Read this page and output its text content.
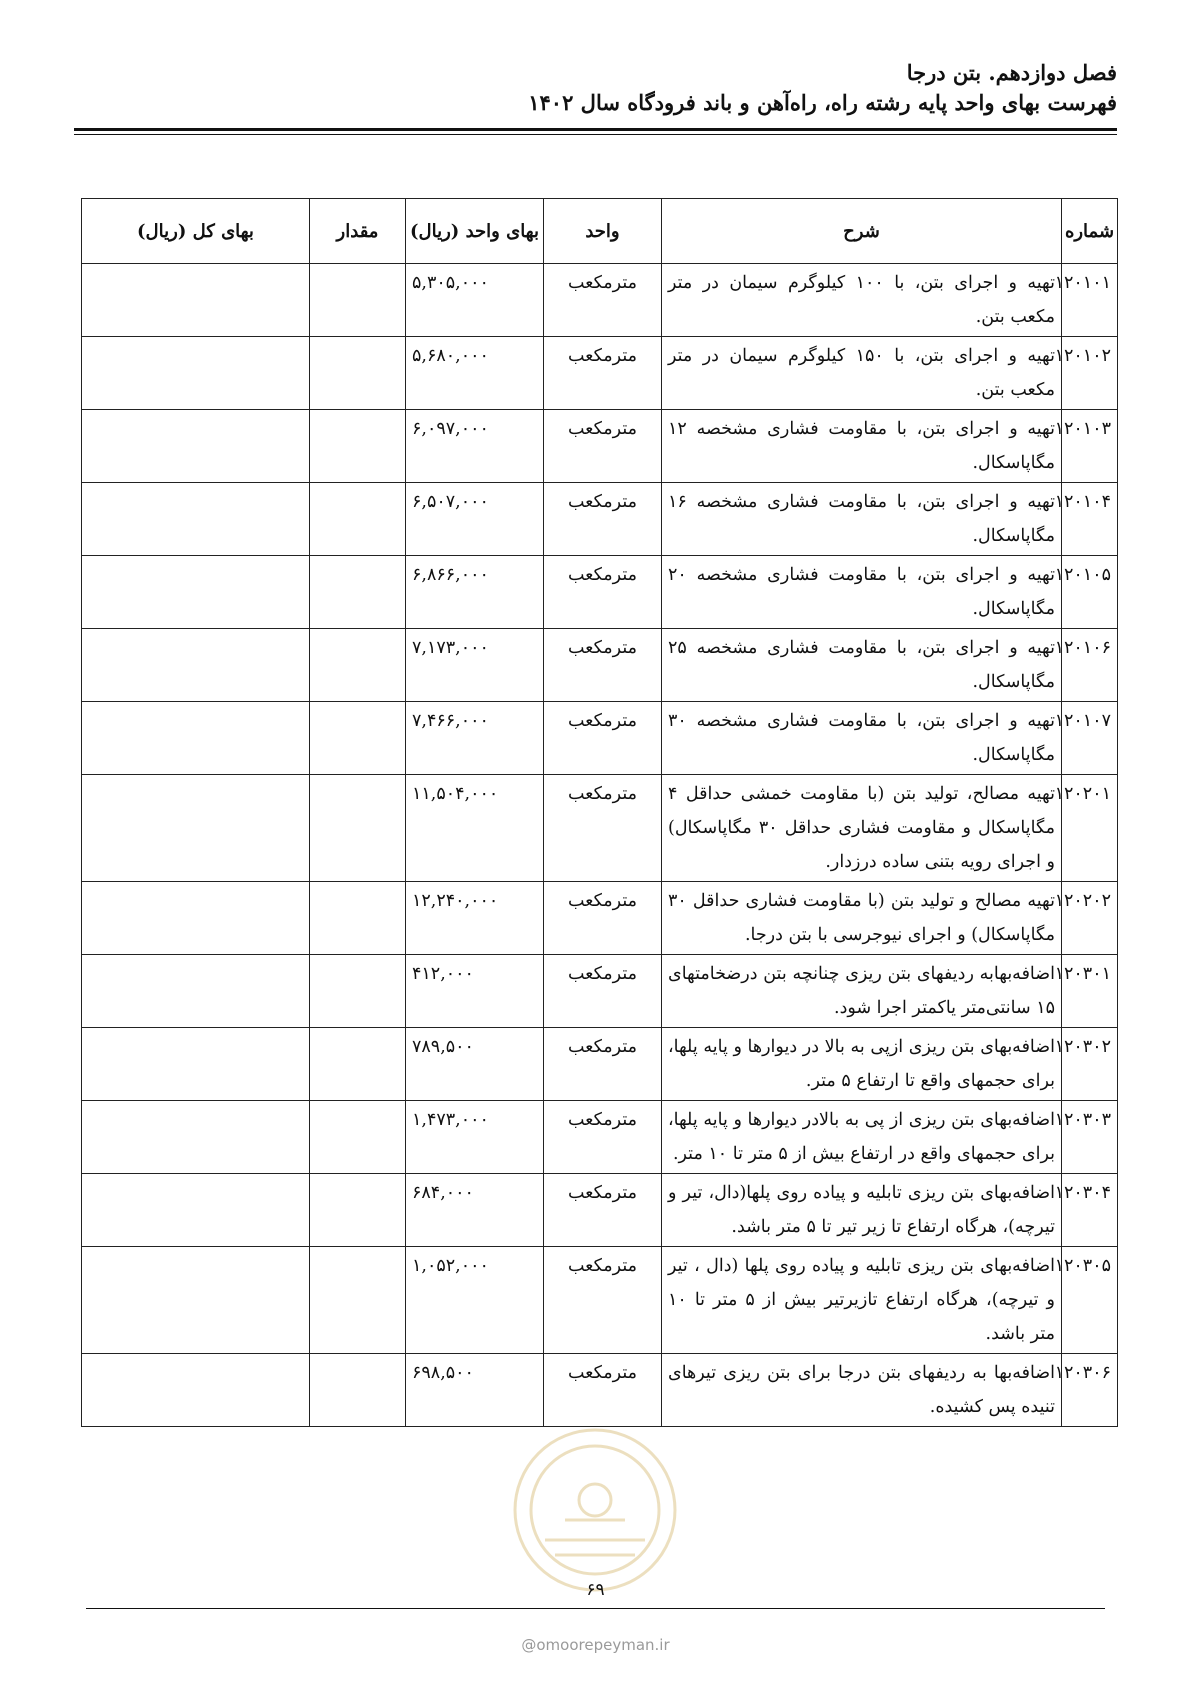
فصل دوازدهم. بتن درجا
فهرست بهای واحد پایه رشته راه، راه‌آهن و باند فرودگاه سال ۱۴۰۲
شماره	شرح	واحد	بهای واحد (ریال)	مقدار	بهای کل (ریال)
۱۲۰۱۰۱	تهیه و اجرای بتن، با ۱۰۰ کیلوگرم سیمان در متر مکعب بتن.	مترمکعب	۵,۳۰۵,۰۰۰		
۱۲۰۱۰۲	تهیه و اجرای بتن، با ۱۵۰ کیلوگرم سیمان در متر مکعب بتن.	مترمکعب	۵,۶۸۰,۰۰۰		
۱۲۰۱۰۳	تهیه و اجرای بتن، با مقاومت فشاری مشخصه ۱۲ مگاپاسکال.	مترمکعب	۶,۰۹۷,۰۰۰		
۱۲۰۱۰۴	تهیه و اجرای بتن، با مقاومت فشاری مشخصه ۱۶ مگاپاسکال.	مترمکعب	۶,۵۰۷,۰۰۰		
۱۲۰۱۰۵	تهیه و اجرای بتن، با مقاومت فشاری مشخصه ۲۰ مگاپاسکال.	مترمکعب	۶,۸۶۶,۰۰۰		
۱۲۰۱۰۶	تهیه و اجرای بتن، با مقاومت فشاری مشخصه ۲۵ مگاپاسکال.	مترمکعب	۷,۱۷۳,۰۰۰		
۱۲۰۱۰۷	تهیه و اجرای بتن، با مقاومت فشاری مشخصه ۳۰ مگاپاسکال.	مترمکعب	۷,۴۶۶,۰۰۰		
۱۲۰۲۰۱	تهیه مصالح، تولید بتن (با مقاومت خمشی حداقل ۴ مگاپاسکال و مقاومت فشاری حداقل ۳۰ مگاپاسکال) و اجرای رویه بتنی ساده درزدار.	مترمکعب	۱۱,۵۰۴,۰۰۰		
۱۲۰۲۰۲	تهیه مصالح و تولید بتن (با مقاومت فشاری حداقل ۳۰ مگاپاسکال) و اجرای نیوجرسی با بتن درجا.	مترمکعب	۱۲,۲۴۰,۰۰۰		
۱۲۰۳۰۱	اضافه‌بهابه ردیفهای بتن ریزی چنانچه بتن درضخامتهای ۱۵ سانتی‌متر یاکمتر اجرا شود.	مترمکعب	۴۱۲,۰۰۰		
۱۲۰۳۰۲	اضافه‌بهای بتن ریزی ازپی به بالا در دیوارها و پایه پلها، برای حجمهای واقع تا ارتفاع ۵ متر.	مترمکعب	۷۸۹,۵۰۰		
۱۲۰۳۰۳	اضافه‌بهای بتن ریزی از پی به بالادر دیوارها و پایه پلها، برای حجمهای واقع در ارتفاع بیش از ۵ متر تا ۱۰ متر.	مترمکعب	۱,۴۷۳,۰۰۰		
۱۲۰۳۰۴	اضافه‌بهای بتن ریزی تابلیه و پیاده روی پلها(دال، تیر و تیرچه)، هرگاه ارتفاع تا زیر تیر تا ۵ متر باشد.	مترمکعب	۶۸۴,۰۰۰		
۱۲۰۳۰۵	اضافه‌بهای بتن ریزی تابلیه و پیاده روی پلها (دال ، تیر و تیرچه)، هرگاه ارتفاع تازیرتیر بیش از ۵ متر تا ۱۰ متر باشد.	مترمکعب	۱,۰۵۲,۰۰۰		
۱۲۰۳۰۶	اضافه‌بها به ردیفهای بتن درجا برای بتن ریزی تیرهای تنیده پس کشیده.	مترمکعب	۶۹۸,۵۰۰		
۶۹
@omoorepeyman.ir
